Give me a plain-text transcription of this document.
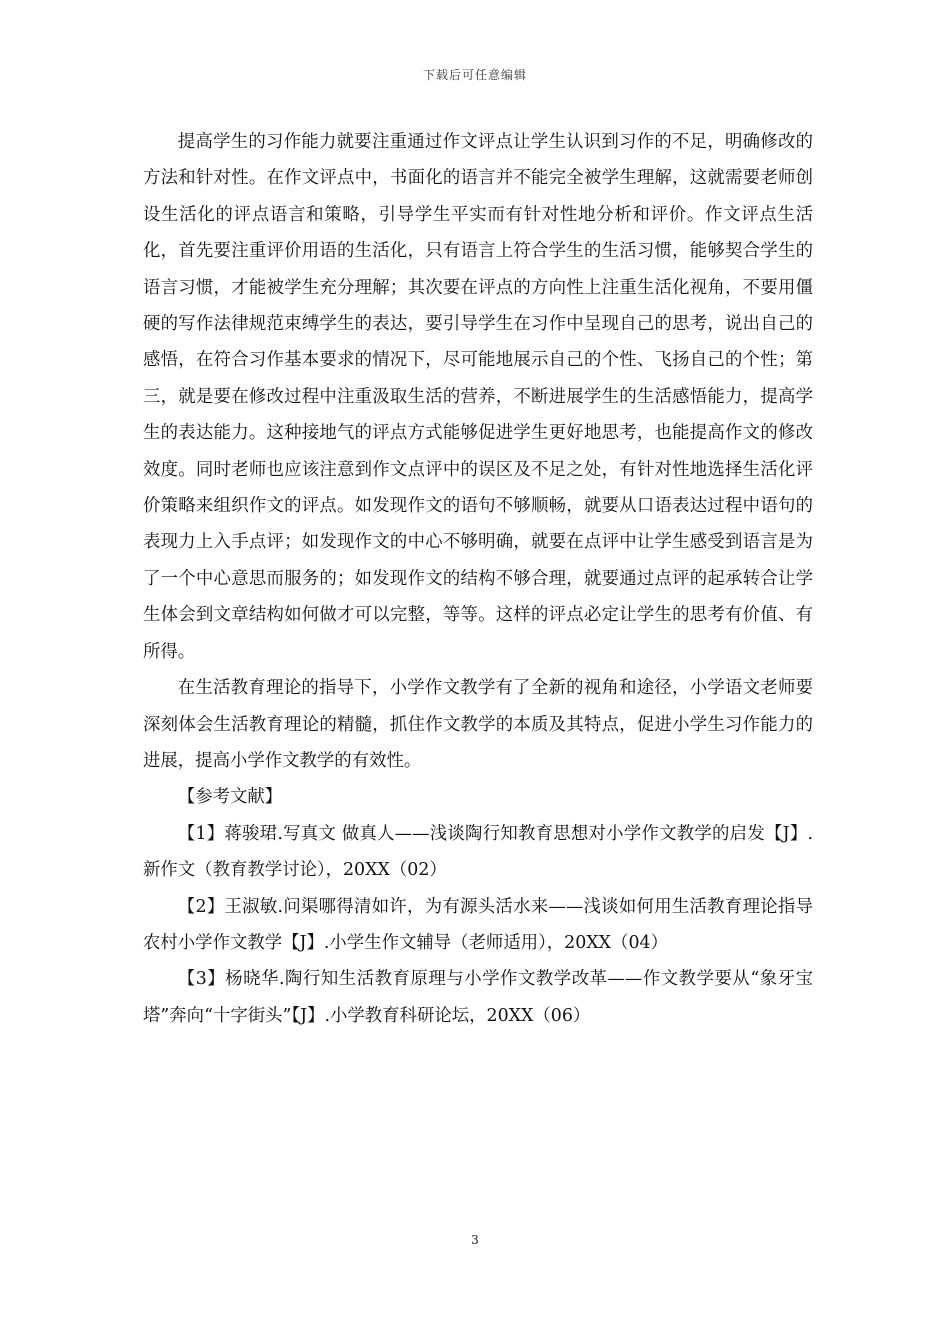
下载后可任意编辑

提高学生的习作能力就要注重通过作文评点让学生认识到习作的不足，明确修改的方法和针对性。在作文评点中，书面化的语言并不能完全被学生理解，这就需要老师创设生活化的评点语言和策略，引导学生平实而有针对性地分析和评价。作文评点生活化，首先要注重评价用语的生活化，只有语言上符合学生的生活习惯，能够契合学生的语言习惯，才能被学生充分理解；其次要在评点的方向性上注重生活化视角，不要用僵硬的写作法律规范束缚学生的表达，要引导学生在习作中呈现自己的思考，说出自己的感悟，在符合习作基本要求的情况下，尽可能地展示自己的个性、飞扬自己的个性；第三，就是要在修改过程中注重汲取生活的营养，不断进展学生的生活感悟能力，提高学生的表达能力。这种接地气的评点方式能够促进学生更好地思考，也能提高作文的修改效度。同时老师也应该注意到作文点评中的误区及不足之处，有针对性地选择生活化评价策略来组织作文的评点。如发现作文的语句不够顺畅，就要从口语表达过程中语句的表现力上入手点评；如发现作文的中心不够明确，就要在点评中让学生感受到语言是为了一个中心意思而服务的；如发现作文的结构不够合理，就要通过点评的起承转合让学生体会到文章结构如何做才可以完整，等等。这样的评点必定让学生的思考有价值、有所得。

在生活教育理论的指导下，小学作文教学有了全新的视角和途径，小学语文老师要深刻体会生活教育理论的精髓，抓住作文教学的本质及其特点，促进小学生习作能力的进展，提高小学作文教学的有效性。

【参考文献】

【1】蒋骏珺.写真文 做真人——浅谈陶行知教育思想对小学作文教学的启发【J】.新作文（教育教学讨论），20XX（02）

【2】王淑敏.问渠哪得清如许，为有源头活水来——浅谈如何用生活教育理论指导农村小学作文教学【J】.小学生作文辅导（老师适用），20XX（04）

【3】杨晓华.陶行知生活教育原理与小学作文教学改革——作文教学要从“象牙宝塔”奔向“十字街头”【J】.小学教育科研论坛，20XX（06）

3
